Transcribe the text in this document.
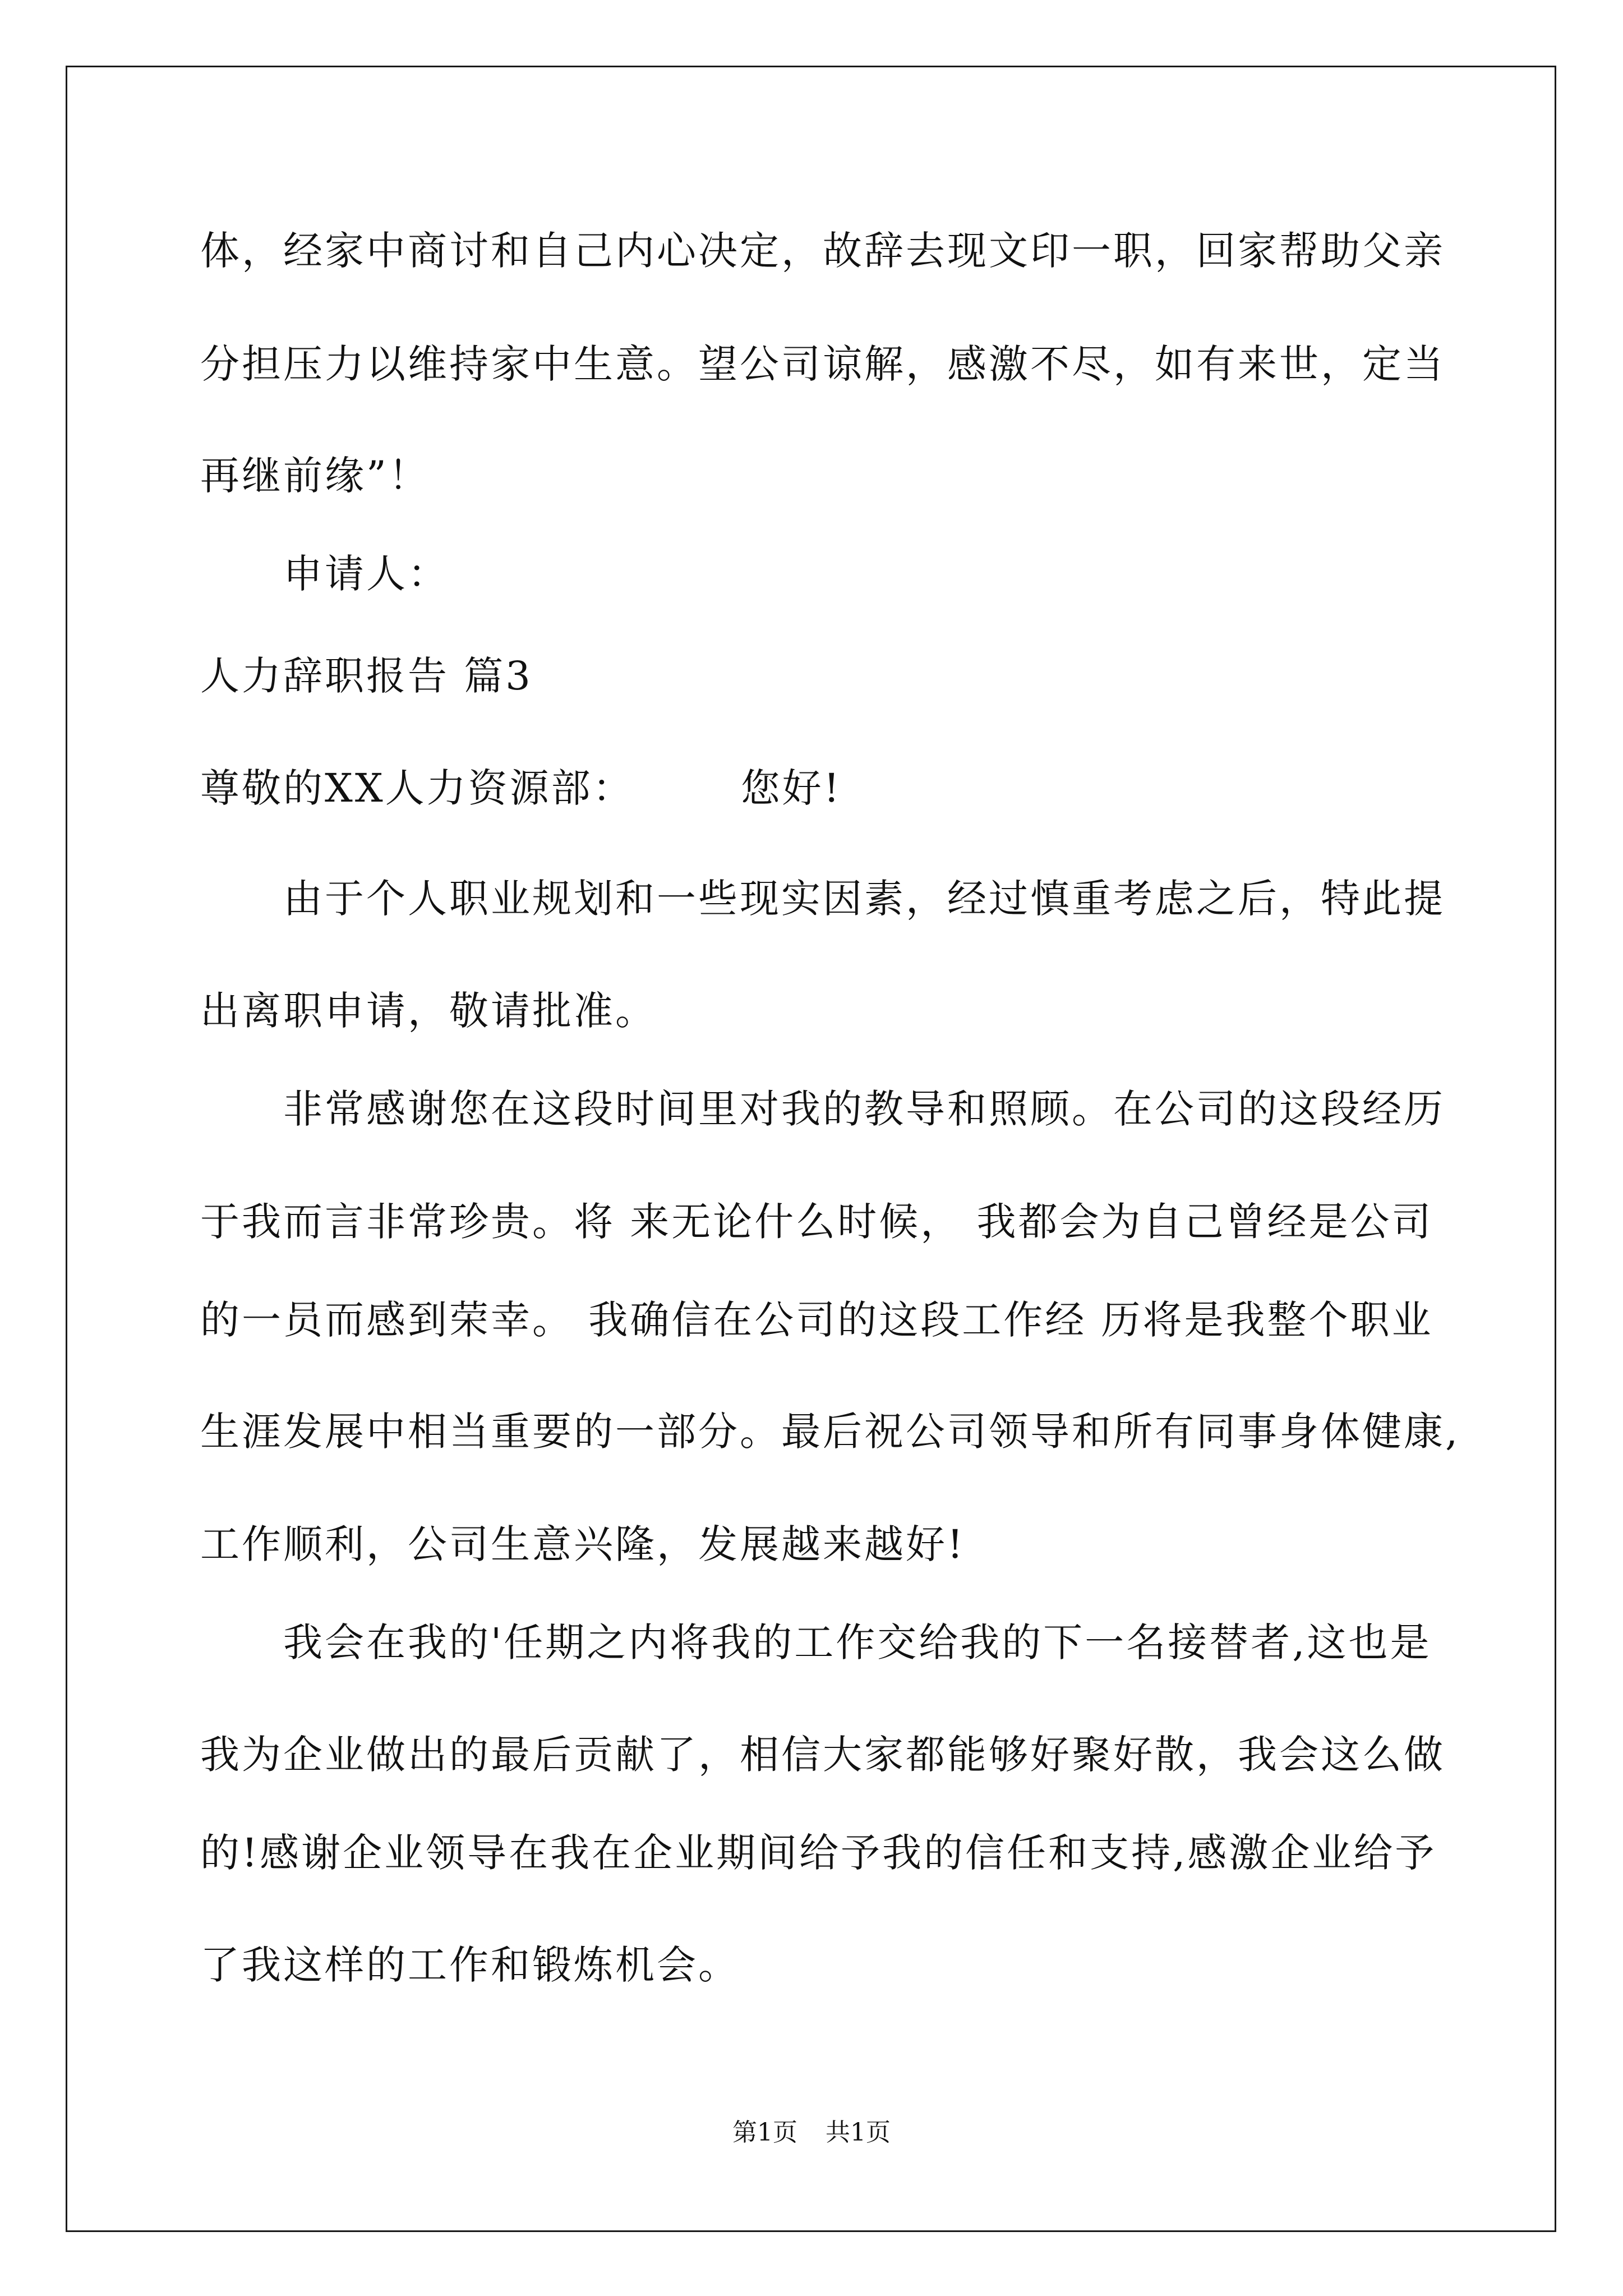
体，经家中商讨和自己内心决定，故辞去现文印一职，回家帮助父亲
分担压力以维持家中生意。望公司谅解，感激不尽，如有来世，定当
再继前缘”！
申请人：
人力辞职报告 篇3
尊敬的XX人力资源部：	您好!
由于个人职业规划和一些现实因素，经过慎重考虑之后，特此提
出离职申请，敬请批准。
非常感谢您在这段时间里对我的教导和照顾。在公司的这段经历
于我而言非常珍贵。将 来无论什么时候， 我都会为自己曾经是公司
的一员而感到荣幸。 我确信在公司的这段工作经 历将是我整个职业
生涯发展中相当重要的一部分。最后祝公司领导和所有同事身体健康,
工作顺利，公司生意兴隆，发展越来越好!
我会在我的'任期之内将我的工作交给我的下一名接替者,这也是
我为企业做出的最后贡献了，相信大家都能够好聚好散，我会这么做
的!感谢企业领导在我在企业期间给予我的信任和支持,感激企业给予
了我这样的工作和锻炼机会。
第1页 共1页
